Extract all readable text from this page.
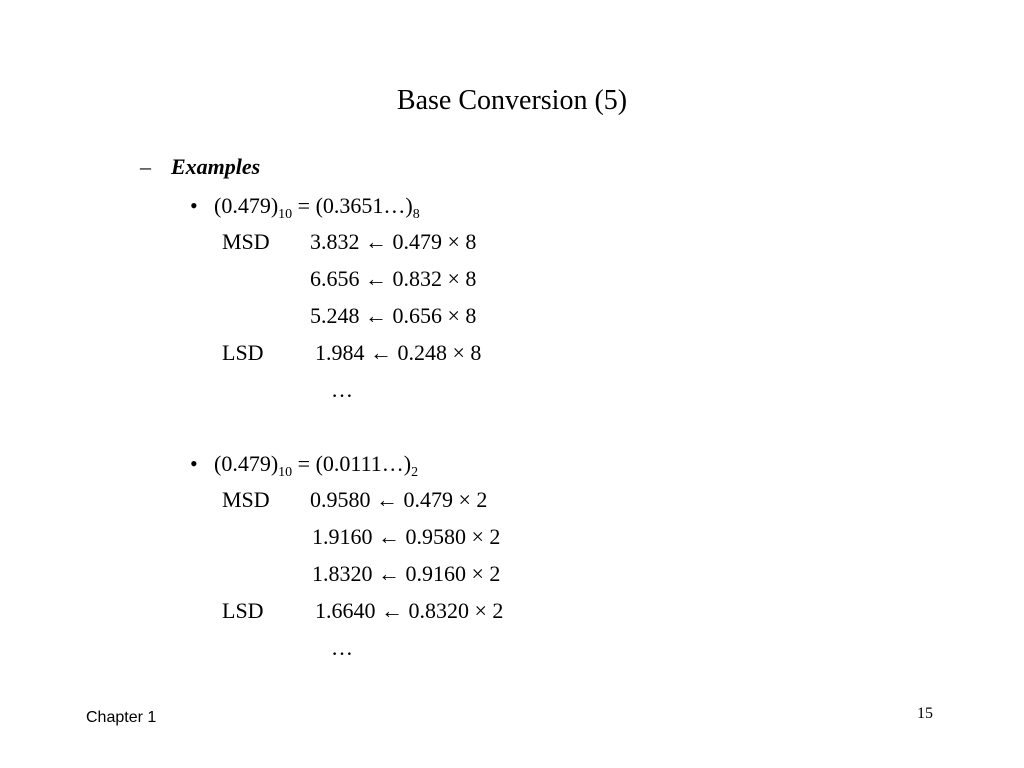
Base Conversion (5)
– Examples
• $(0.479)_{10}$ = $(0.3651\dots)_8$
MSD 3.832 ← 0.479 × 8
6.656 ← 0.832 × 8
5.248 ← 0.656 × 8
LSD 1.984 ← 0.248 × 8
…
• $(0.479)_{10}$ = $(0.0111\dots)_2$
MSD 0.9580 ← 0.479 × 2
1.9160 ← 0.9580 × 2
1.8320 ← 0.9160 × 2
LSD 1.6640 ← 0.8320 × 2
…
Chapter 1	15
